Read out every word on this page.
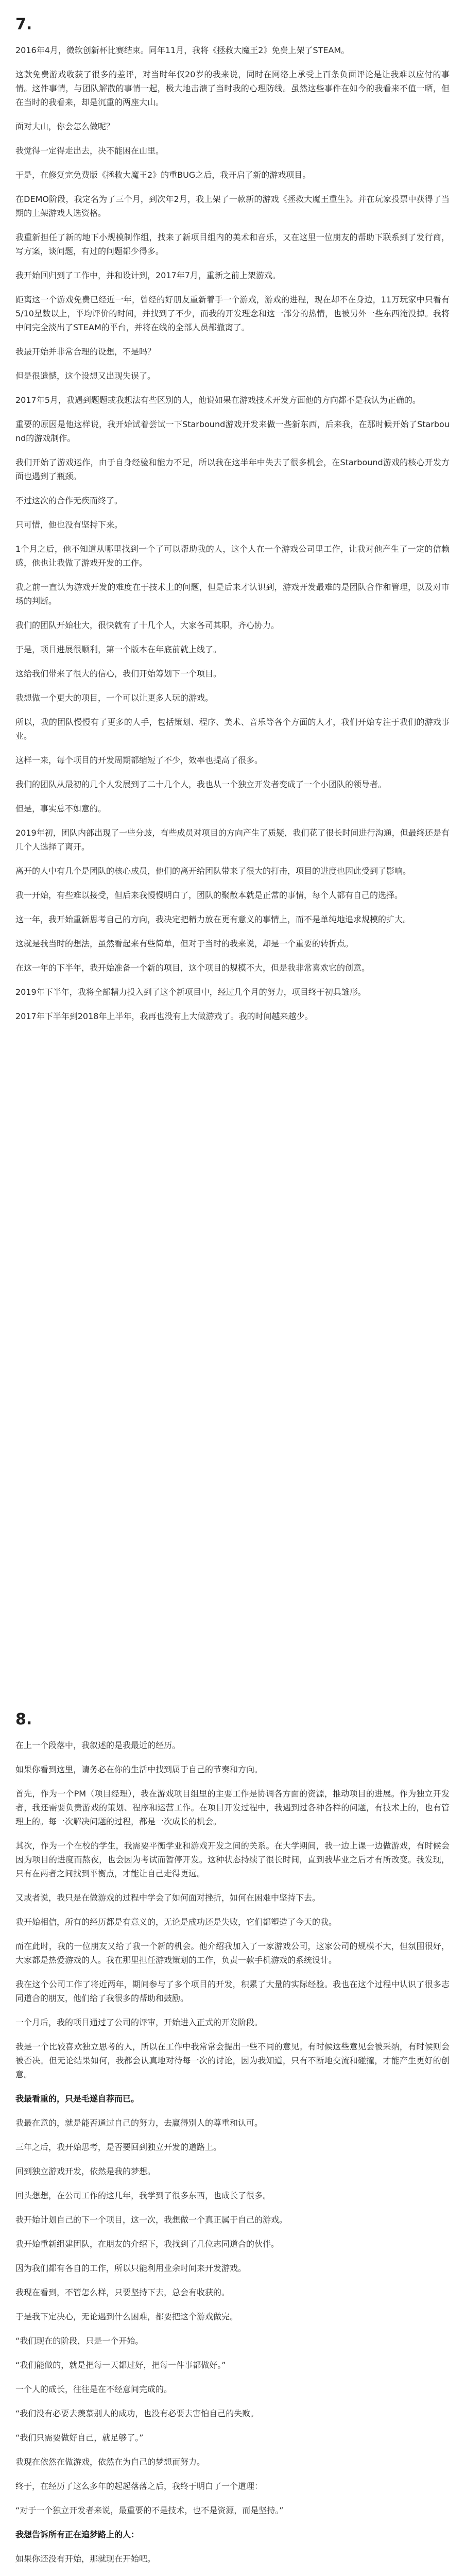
7.

2016年4月，微软创新杯比赛结束。同年11月，我将《拯救大魔王2》免费上架了STEAM。

这款免费游戏收获了很多的差评，对当时年仅20岁的我来说，同时在网络上承受上百条负面评论是让我难以应付的事情。这件事情，与团队解散的事情一起，极大地击溃了当时我的心理防线。虽然这些事件在如今的我看来不值一晒，但在当时的我看来，却是沉重的两座大山。

面对大山，你会怎么做呢？

我觉得一定得走出去，决不能困在山里。

于是，在修复完免费版《拯救大魔王2》的重BUG之后，我开启了新的游戏项目。

在DEMO阶段，我定名为了三个月，到次年2月，我上架了一款新的游戏《拯救大魔王重生》。并在玩家投票中获得了当期的上架游戏人选资格。

我重新担任了新的地下小规模制作组，找来了新项目组内的美术和音乐，又在这里一位朋友的帮助下联系到了发行商，写方案，谈问题，有过的问题都少得多。

我开始回归到了工作中，并和设计到，2017年7月，重新之前上架游戏。

距离这一个游戏免费已经近一年，曾经的好朋友重新着手一个游戏，游戏的进程，现在却不在身边，11万玩家中只看有5/10星数以上，平均评价的时间，并找到了不少，而我的开发理念和这一部分的热情，也被另外一些东西淹没掉。我将中间完全淡出了STEAM的平台，并将在线的全部人员都撤离了。

我最开始并非常合理的设想，不是吗？

但是很遗憾，这个设想又出现失误了。

2017年5月，我遇到题题或我想法有些区别的人，他说如果在游戏技术开发方面他的方向都不是我认为正确的。

重要的原因是他这样说，我开始试着尝试一下Starbound游戏开发来做一些新东西，后来我，在那时候开始了Starbound的游戏制作。

我们开始了游戏运作，由于自身经验和能力不足，所以我在这半年中失去了很多机会，在Starbound游戏的核心开发方面也遇到了瓶颈。

不过这次的合作无疾而终了。

只可惜，他也没有坚持下来。

1个月之后，他不知道从哪里找到一个了可以帮助我的人，这个人在一个游戏公司里工作，让我对他产生了一定的信赖感，他也让我做了游戏开发的工作。

我之前一直认为游戏开发的难度在于技术上的问题，但是后来才认识到，游戏开发最难的是团队合作和管理，以及对市场的判断。

我们的团队开始壮大，很快就有了十几个人，大家各司其职，齐心协力。

于是，项目进展很顺利，第一个版本在年底前就上线了。

这给我们带来了很大的信心，我们开始筹划下一个项目。

我想做一个更大的项目，一个可以让更多人玩的游戏。

所以，我的团队慢慢有了更多的人手，包括策划、程序、美术、音乐等各个方面的人才，我们开始专注于我们的游戏事业。

这样一来，每个项目的开发周期都缩短了不少，效率也提高了很多。

我们的团队从最初的几个人发展到了二十几个人，我也从一个独立开发者变成了一个小团队的领导者。

但是，事实总不如意的。

2019年初，团队内部出现了一些分歧，有些成员对项目的方向产生了质疑，我们花了很长时间进行沟通，但最终还是有几个人选择了离开。

离开的人中有几个是团队的核心成员，他们的离开给团队带来了很大的打击，项目的进度也因此受到了影响。

我一开始，有些难以接受，但后来我慢慢明白了，团队的聚散本就是正常的事情，每个人都有自己的选择。

这一年，我开始重新思考自己的方向，我决定把精力放在更有意义的事情上，而不是单纯地追求规模的扩大。

这就是我当时的想法，虽然看起来有些简单，但对于当时的我来说，却是一个重要的转折点。

在这一年的下半年，我开始准备一个新的项目，这个项目的规模不大，但是我非常喜欢它的创意。

2019年下半年，我将全部精力投入到了这个新项目中，经过几个月的努力，项目终于初具雏形。

2017年下半年到2018年上半年，我再也没有上大做游戏了。我的时间越来越少。

8.

在上一个段落中，我叙述的是我最近的经历。

如果你看到这里，请务必在你的生活中找到属于自己的节奏和方向。

首先，作为一个PM（项目经理），我在游戏项目组里的主要工作是协调各方面的资源，推动项目的进展。作为独立开发者，我还需要负责游戏的策划、程序和运营工作。在项目开发过程中，我遇到过各种各样的问题，有技术上的，也有管理上的。每一次解决问题的过程，都是一次成长的机会。

其次，作为一个在校的学生，我需要平衡学业和游戏开发之间的关系。在大学期间，我一边上课一边做游戏，有时候会因为项目的进度而熬夜，也会因为考试而暂停开发。这种状态持续了很长时间，直到我毕业之后才有所改变。我发现，只有在两者之间找到平衡点，才能让自己走得更远。

又或者说，我只是在做游戏的过程中学会了如何面对挫折，如何在困难中坚持下去。

我开始相信，所有的经历都是有意义的，无论是成功还是失败，它们都塑造了今天的我。

而在此时，我的一位朋友又给了我一个新的机会。他介绍我加入了一家游戏公司，这家公司的规模不大，但氛围很好，大家都是热爱游戏的人。我在那里担任游戏策划的工作，负责一款手机游戏的系统设计。

我在这个公司工作了将近两年，期间参与了多个项目的开发，积累了大量的实际经验。我也在这个过程中认识了很多志同道合的朋友，他们给了我很多的帮助和鼓励。

一个月后，我的项目通过了公司的评审，开始进入正式的开发阶段。

我是一个比较喜欢独立思考的人，所以在工作中我常常会提出一些不同的意见。有时候这些意见会被采纳，有时候则会被否决。但无论结果如何，我都会认真地对待每一次的讨论，因为我知道，只有不断地交流和碰撞，才能产生更好的创意。

我最看重的，只是毛遂自荐而已。

我最在意的，就是能否通过自己的努力，去赢得别人的尊重和认可。

三年之后，我开始思考，是否要回到独立开发的道路上。

回到独立游戏开发，依然是我的梦想。

回头想想，在公司工作的这几年，我学到了很多东西，也成长了很多。

我开始计划自己的下一个项目，这一次，我想做一个真正属于自己的游戏。

我开始重新组建团队，在朋友的介绍下，我找到了几位志同道合的伙伴。

因为我们都有各自的工作，所以只能利用业余时间来开发游戏。

我现在看到，不管怎么样，只要坚持下去，总会有收获的。

于是我下定决心，无论遇到什么困难，都要把这个游戏做完。

“我们现在的阶段，只是一个开始。

“我们能做的，就是把每一天都过好，把每一件事都做好。”

一个人的成长，往往是在不经意间完成的。

“我们没有必要去羡慕别人的成功，也没有必要去害怕自己的失败。

“我们只需要做好自己，就足够了。”

我现在依然在做游戏，依然在为自己的梦想而努力。

终于，在经历了这么多年的起起落落之后，我终于明白了一个道理：

“对于一个独立开发者来说，最重要的不是技术，也不是资源，而是坚持。”

我想告诉所有正在追梦路上的人：

如果你还没有开始，那就现在开始吧。
